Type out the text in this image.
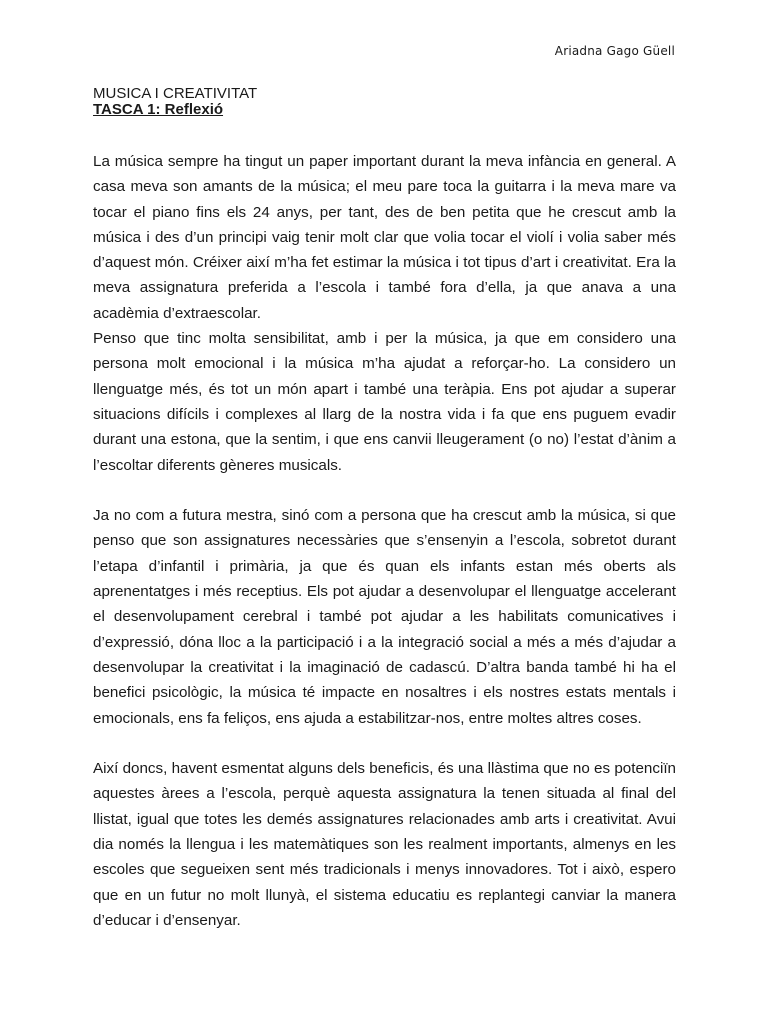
Ariadna Gago Güell

MUSICA I CREATIVITAT

TASCA 1: Reflexió

La música sempre ha tingut un paper important durant la meva infància en general. A casa meva son amants de la música; el meu pare toca la guitarra i la meva mare va tocar el piano fins els 24 anys, per tant, des de ben petita que he crescut amb la música i des d’un principi vaig tenir molt clar que volia tocar el violí i volia saber més d’aquest món. Créixer així m’ha fet estimar la música i tot tipus d’art i creativitat. Era la meva assignatura preferida a l’escola i també fora d’ella, ja que anava a una acadèmia d’extraescolar.

Penso que tinc molta sensibilitat, amb i per la música, ja que em considero una persona molt emocional i la música m’ha ajudat a reforçar-ho. La considero un llenguatge més, és tot un món apart i també una teràpia. Ens pot ajudar a superar situacions difícils i complexes al llarg de la nostra vida i fa que ens puguem evadir durant una estona, que la sentim, i que ens canvii lleugerament (o no) l’estat d’ànim a l’escoltar diferents gèneres musicals.

Ja no com a futura mestra, sinó com a persona que ha crescut amb la música, si que penso que son assignatures necessàries que s’ensenyin a l’escola, sobretot durant l’etapa d’infantil i primària, ja que és quan els infants estan més oberts als aprenentatges i més receptius. Els pot ajudar a desenvolupar el llenguatge accelerant el desenvolupament cerebral i també pot ajudar a les habilitats comunicatives i d’expressió, dóna lloc a la participació i a la integració social a més a més d’ajudar a desenvolupar la creativitat i la imaginació de cadascú. D’altra banda també hi ha el benefici psicològic, la música té impacte en nosaltres i els nostres estats mentals i emocionals, ens fa feliços, ens ajuda a estabilitzar-nos, entre moltes altres coses.

Així doncs, havent esmentat alguns dels beneficis, és una llàstima que no es potenciïn aquestes àrees a l’escola, perquè aquesta assignatura la tenen situada al final del llistat, igual que totes les demés assignatures relacionades amb arts i creativitat. Avui dia només la llengua i les matemàtiques son les realment importants, almenys en les escoles que segueixen sent més tradicionals i menys innovadores. Tot i això, espero que en un futur no molt llunyà, el sistema educatiu es replantegi canviar la manera d’educar i d’ensenyar.
